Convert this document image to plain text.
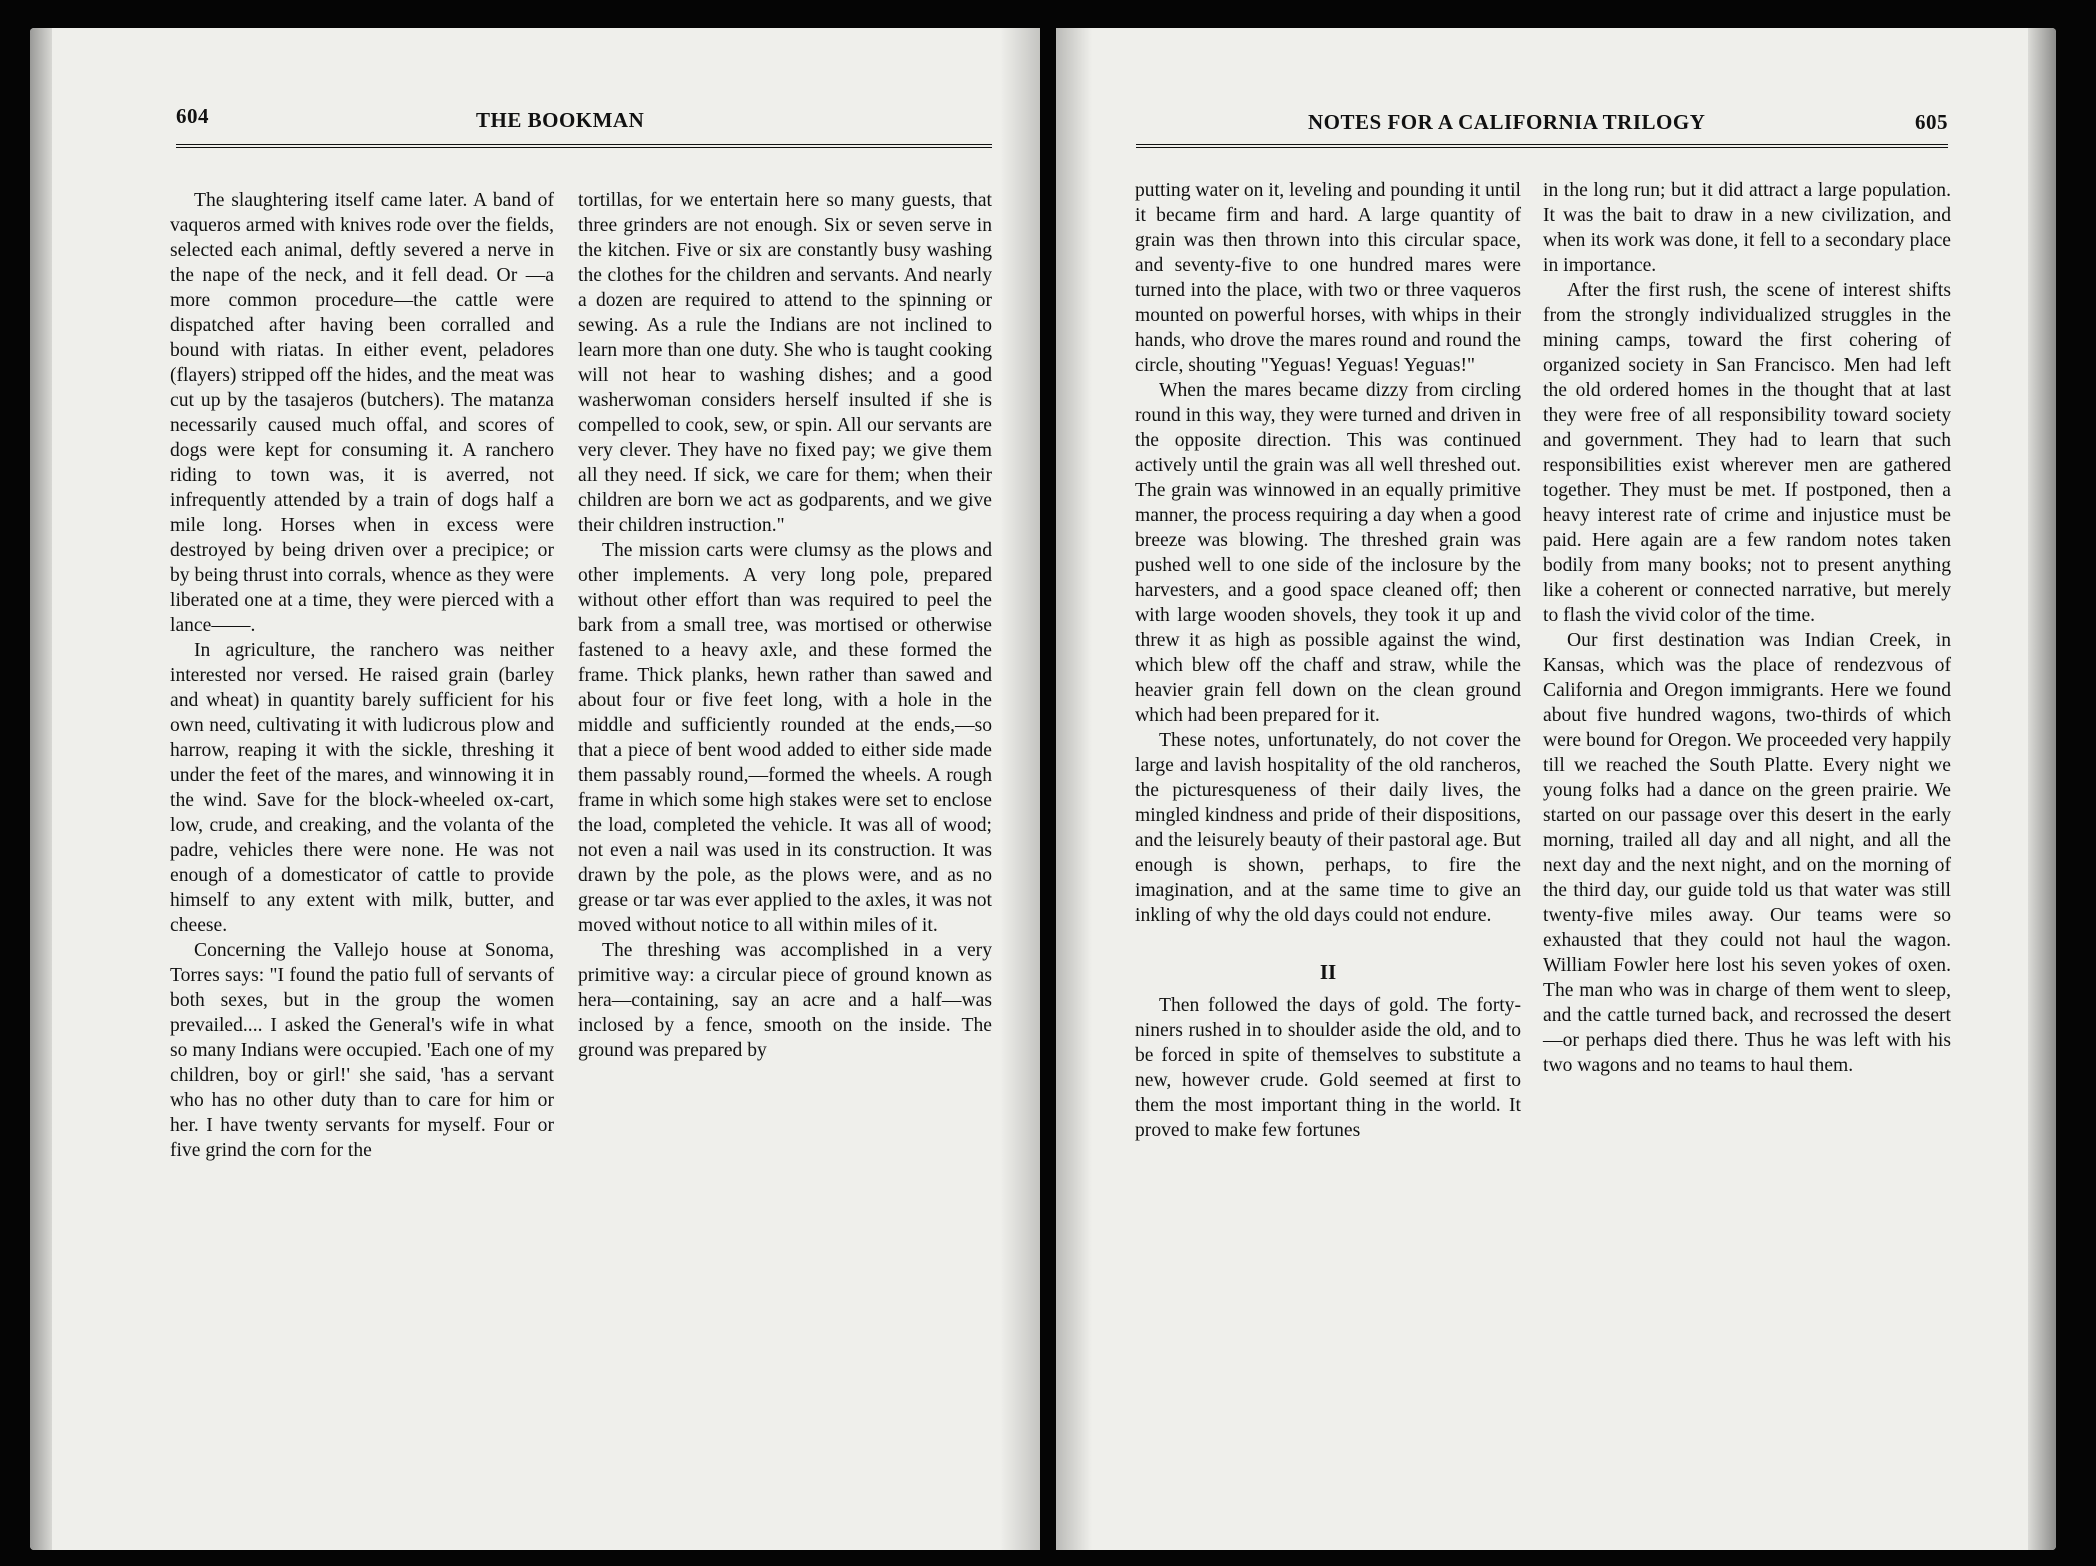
604	THE BOOKMAN

The slaughtering itself came later. A band of vaqueros armed with knives rode over the fields, selected each animal, deftly severed a nerve in the nape of the neck, and it fell dead. Or —a more common procedure—the cattle were dispatched after having been corralled and bound with riatas. In either event, peladores (flayers) stripped off the hides, and the meat was cut up by the tasajeros (butchers). The matanza necessarily caused much offal, and scores of dogs were kept for consuming it. A ranchero riding to town was, it is averred, not infrequently attended by a train of dogs half a mile long. Horses when in excess were destroyed by being driven over a precipice; or by being thrust into corrals, whence as they were liberated one at a time, they were pierced with a lance——.

In agriculture, the ranchero was neither interested nor versed. He raised grain (barley and wheat) in quantity barely sufficient for his own need, cultivating it with ludicrous plow and harrow, reaping it with the sickle, threshing it under the feet of the mares, and winnowing it in the wind. Save for the block-wheeled ox-cart, low, crude, and creaking, and the volanta of the padre, vehicles there were none. He was not enough of a domesticator of cattle to provide himself to any extent with milk, butter, and cheese.

Concerning the Vallejo house at Sonoma, Torres says: "I found the patio full of servants of both sexes, but in the group the women prevailed.... I asked the General's wife in what so many Indians were occupied. 'Each one of my children, boy or girl!' she said, 'has a servant who has no other duty than to care for him or her. I have twenty servants for myself. Four or five grind the corn for the

tortillas, for we entertain here so many guests, that three grinders are not enough. Six or seven serve in the kitchen. Five or six are constantly busy washing the clothes for the children and servants. And nearly a dozen are required to attend to the spinning or sewing. As a rule the Indians are not inclined to learn more than one duty. She who is taught cooking will not hear to washing dishes; and a good washerwoman considers herself insulted if she is compelled to cook, sew, or spin. All our servants are very clever. They have no fixed pay; we give them all they need. If sick, we care for them; when their children are born we act as godparents, and we give their children instruction."

The mission carts were clumsy as the plows and other implements. A very long pole, prepared without other effort than was required to peel the bark from a small tree, was mortised or otherwise fastened to a heavy axle, and these formed the frame. Thick planks, hewn rather than sawed and about four or five feet long, with a hole in the middle and sufficiently rounded at the ends,—so that a piece of bent wood added to either side made them passably round,—formed the wheels. A rough frame in which some high stakes were set to enclose the load, completed the vehicle. It was all of wood; not even a nail was used in its construction. It was drawn by the pole, as the plows were, and as no grease or tar was ever applied to the axles, it was not moved without notice to all within miles of it.

The threshing was accomplished in a very primitive way: a circular piece of ground known as hera—containing, say an acre and a half—was inclosed by a fence, smooth on the inside. The ground was prepared by

NOTES FOR A CALIFORNIA TRILOGY	605

putting water on it, leveling and pounding it until it became firm and hard. A large quantity of grain was then thrown into this circular space, and seventy-five to one hundred mares were turned into the place, with two or three vaqueros mounted on powerful horses, with whips in their hands, who drove the mares round and round the circle, shouting "Yeguas! Yeguas! Yeguas!"

When the mares became dizzy from circling round in this way, they were turned and driven in the opposite direction. This was continued actively until the grain was all well threshed out. The grain was winnowed in an equally primitive manner, the process requiring a day when a good breeze was blowing. The threshed grain was pushed well to one side of the inclosure by the harvesters, and a good space cleaned off; then with large wooden shovels, they took it up and threw it as high as possible against the wind, which blew off the chaff and straw, while the heavier grain fell down on the clean ground which had been prepared for it.

These notes, unfortunately, do not cover the large and lavish hospitality of the old rancheros, the picturesqueness of their daily lives, the mingled kindness and pride of their dispositions, and the leisurely beauty of their pastoral age. But enough is shown, perhaps, to fire the imagination, and at the same time to give an inkling of why the old days could not endure.

II

Then followed the days of gold. The forty-niners rushed in to shoulder aside the old, and to be forced in spite of themselves to substitute a new, however crude. Gold seemed at first to them the most important thing in the world. It proved to make few fortunes

in the long run; but it did attract a large population. It was the bait to draw in a new civilization, and when its work was done, it fell to a secondary place in importance.

After the first rush, the scene of interest shifts from the strongly individualized struggles in the mining camps, toward the first cohering of organized society in San Francisco. Men had left the old ordered homes in the thought that at last they were free of all responsibility toward society and government. They had to learn that such responsibilities exist wherever men are gathered together. They must be met. If postponed, then a heavy interest rate of crime and injustice must be paid. Here again are a few random notes taken bodily from many books; not to present anything like a coherent or connected narrative, but merely to flash the vivid color of the time.

Our first destination was Indian Creek, in Kansas, which was the place of rendezvous of California and Oregon immigrants. Here we found about five hundred wagons, two-thirds of which were bound for Oregon. We proceeded very happily till we reached the South Platte. Every night we young folks had a dance on the green prairie. We started on our passage over this desert in the early morning, trailed all day and all night, and all the next day and the next night, and on the morning of the third day, our guide told us that water was still twenty-five miles away. Our teams were so exhausted that they could not haul the wagon. William Fowler here lost his seven yokes of oxen. The man who was in charge of them went to sleep, and the cattle turned back, and recrossed the desert—or perhaps died there. Thus he was left with his two wagons and no teams to haul them.
